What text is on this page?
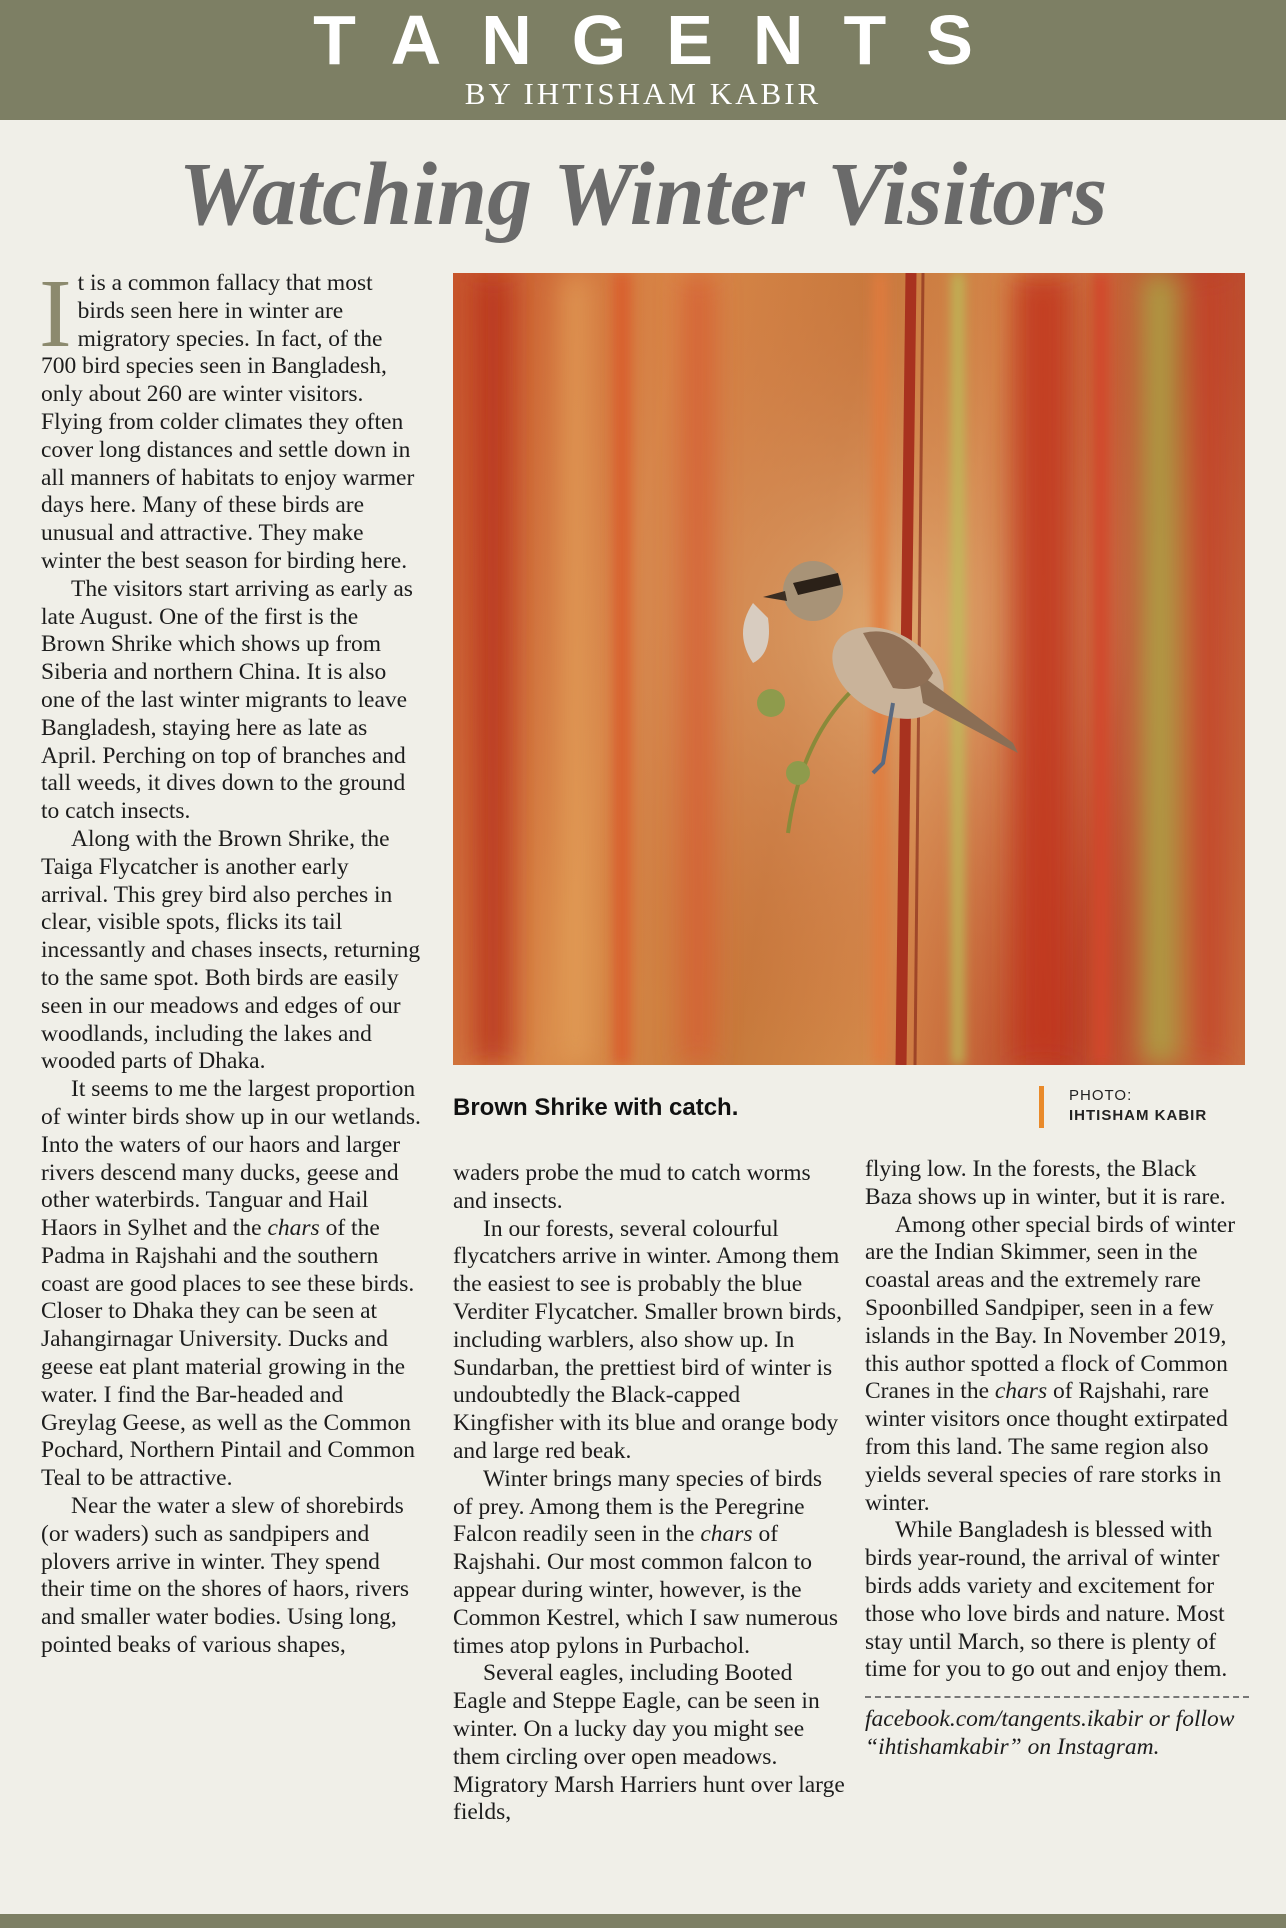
TANGENTS
BY IHTISHAM KABIR
Watching Winter Visitors

It is a common fallacy that most birds seen here in winter are migratory species. In fact, of the 700 bird species seen in Bangladesh, only about 260 are winter visitors. Flying from colder climates they often cover long distances and settle down in all manners of habitats to enjoy warmer days here. Many of these birds are unusual and attractive. They make winter the best season for birding here.

The visitors start arriving as early as late August. One of the first is the Brown Shrike which shows up from Siberia and northern China. It is also one of the last winter migrants to leave Bangladesh, staying here as late as April. Perching on top of branches and tall weeds, it dives down to the ground to catch insects.

Along with the Brown Shrike, the Taiga Flycatcher is another early arrival. This grey bird also perches in clear, visible spots, flicks its tail incessantly and chases insects, returning to the same spot. Both birds are easily seen in our meadows and edges of our woodlands, including the lakes and wooded parts of Dhaka.

It seems to me the largest proportion of winter birds show up in our wetlands. Into the waters of our haors and larger rivers descend many ducks, geese and other waterbirds. Tanguar and Hail Haors in Sylhet and the chars of the Padma in Rajshahi and the southern coast are good places to see these birds. Closer to Dhaka they can be seen at Jahangirnagar University. Ducks and geese eat plant material growing in the water. I find the Bar-headed and Greylag Geese, as well as the Common Pochard, Northern Pintail and Common Teal to be attractive.

Near the water a slew of shorebirds (or waders) such as sandpipers and plovers arrive in winter. They spend their time on the shores of haors, rivers and smaller water bodies. Using long, pointed beaks of various shapes,

Brown Shrike with catch.	PHOTO:
IHTISHAM KABIR

waders probe the mud to catch worms and insects.

In our forests, several colourful flycatchers arrive in winter. Among them the easiest to see is probably the blue Verditer Flycatcher. Smaller brown birds, including warblers, also show up. In Sundarban, the prettiest bird of winter is undoubtedly the Black-capped Kingfisher with its blue and orange body and large red beak.

Winter brings many species of birds of prey. Among them is the Peregrine Falcon readily seen in the chars of Rajshahi. Our most common falcon to appear during winter, however, is the Common Kestrel, which I saw numerous times atop pylons in Purbachol.

Several eagles, including Booted Eagle and Steppe Eagle, can be seen in winter. On a lucky day you might see them circling over open meadows. Migratory Marsh Harriers hunt over large fields,

flying low. In the forests, the Black Baza shows up in winter, but it is rare.

Among other special birds of winter are the Indian Skimmer, seen in the coastal areas and the extremely rare Spoonbilled Sandpiper, seen in a few islands in the Bay. In November 2019, this author spotted a flock of Common Cranes in the chars of Rajshahi, rare winter visitors once thought extirpated from this land. The same region also yields several species of rare storks in winter.

While Bangladesh is blessed with birds year-round, the arrival of winter birds adds variety and excitement for those who love birds and nature. Most stay until March, so there is plenty of time for you to go out and enjoy them.

facebook.com/tangents.ikabir or follow “ihtishamkabir” on Instagram.
